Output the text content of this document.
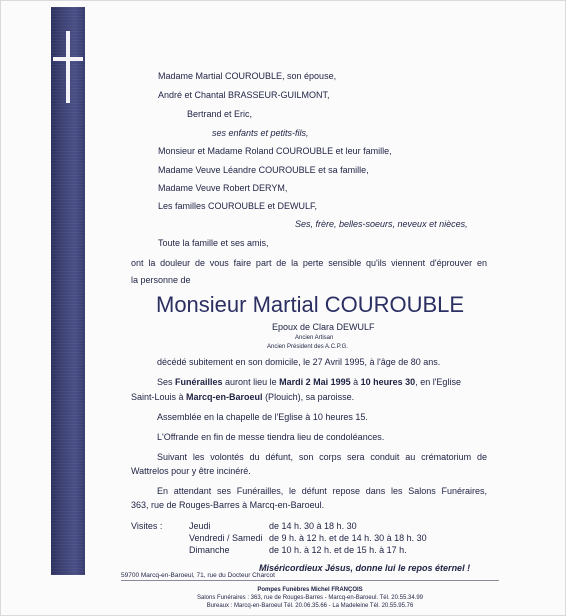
Madame Martial COUROUBLE, son épouse,
André et Chantal BRASSEUR-GUILMONT,
Bertrand et Eric,
ses enfants et petits-fils,
Monsieur et Madame Roland COUROUBLE et leur famille,
Madame Veuve Léandre COUROUBLE et sa famille,
Madame Veuve Robert DERYM,
Les familles COUROUBLE et DEWULF,
Ses, frère, belles-soeurs, neveux et nièces,
Toute la famille et ses amis,
ont la douleur de vous faire part de la perte sensible qu'ils viennent d'éprouver en
la personne de
Monsieur Martial COUROUBLE
Epoux de Clara DEWULF
Ancien Artisan
Ancien Président des A.C.P.G.
décédé subitement en son domicile, le 27 Avril 1995, à l'âge de 80 ans.
Ses Funérailles auront lieu le Mardi 2 Mai 1995 à 10 heures 30, en l'Eglise
Saint-Louis à Marcq-en-Baroeul (Plouich), sa paroisse.
Assemblée en la chapelle de l'Eglise à 10 heures 15.
L'Offrande en fin de messe tiendra lieu de condoléances.
Suivant les volontés du défunt, son corps sera conduit au crématorium de
Wattrelos pour y être incinéré.
En attendant ses Funérailles, le défunt repose dans les Salons Funéraires,
363, rue de Rouges-Barres à Marcq-en-Baroeul.
Visites :	Jeudi	de 14 h. 30 à 18 h. 30
Vendredi / Samedi de 9 h. à 12 h. et de 14 h. 30 à 18 h. 30
Dimanche	de 10 h. à 12 h. et de 15 h. à 17 h.
Miséricordieux Jésus, donne lui le repos éternel !
59700 Marcq-en-Baroeul, 71, rue du Docteur Charcot
Pompes Funèbres Michel FRANÇOIS
Salons Funéraires : 363, rue de Rouges-Barres - Marcq-en-Baroeul. Tél. 20.55.34.99
Bureaux : Marcq-en-Baroeul Tél. 20.06.35.66 - La Madeleine Tél. 20.55.95.76
